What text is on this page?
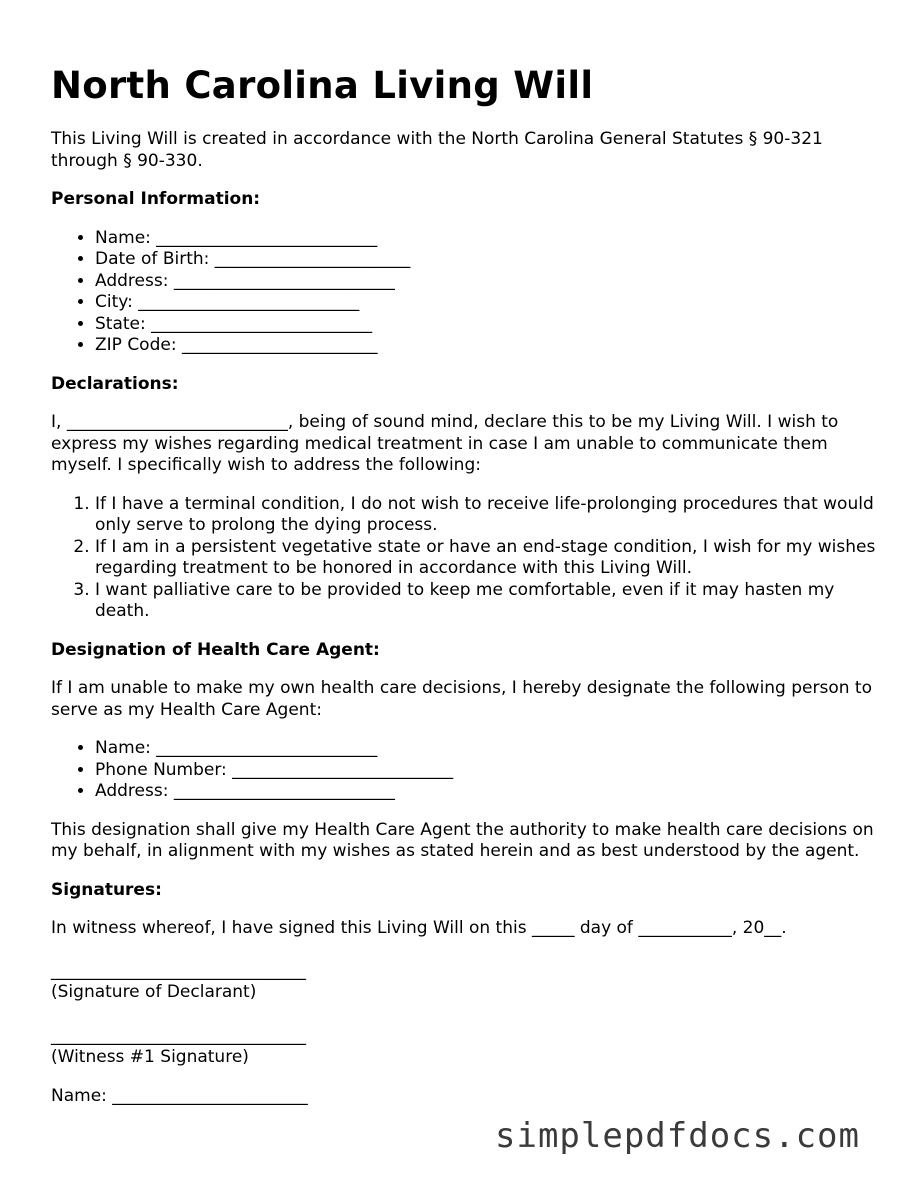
North Carolina Living Will

This Living Will is created in accordance with the North Carolina General Statutes § 90-321 through § 90-330.

Personal Information:
• Name: __________________________
• Date of Birth: _______________________
• Address: __________________________
• City: __________________________
• State: __________________________
• ZIP Code: _______________________
Declarations:

I, __________________________, being of sound mind, declare this to be my Living Will. I wish to express my wishes regarding medical treatment in case I am unable to communicate them myself. I specifically wish to address the following:

1. If I have a terminal condition, I do not wish to receive life-prolonging procedures that would only serve to prolong the dying process.
2. If I am in a persistent vegetative state or have an end-stage condition, I wish for my wishes regarding treatment to be honored in accordance with this Living Will.
3. I want palliative care to be provided to keep me comfortable, even if it may hasten my death.
Designation of Health Care Agent:

If I am unable to make my own health care decisions, I hereby designate the following person to serve as my Health Care Agent:

• Name: __________________________
• Phone Number: __________________________
• Address: __________________________

This designation shall give my Health Care Agent the authority to make health care decisions on my behalf, in alignment with my wishes as stated herein and as best understood by the agent.

Signatures:

In witness whereof, I have signed this Living Will on this _____ day of ___________, 20__.

______________________________
(Signature of Declarant)
______________________________
(Witness #1 Signature)
Name: _______________________
simplepdfdocs.com
